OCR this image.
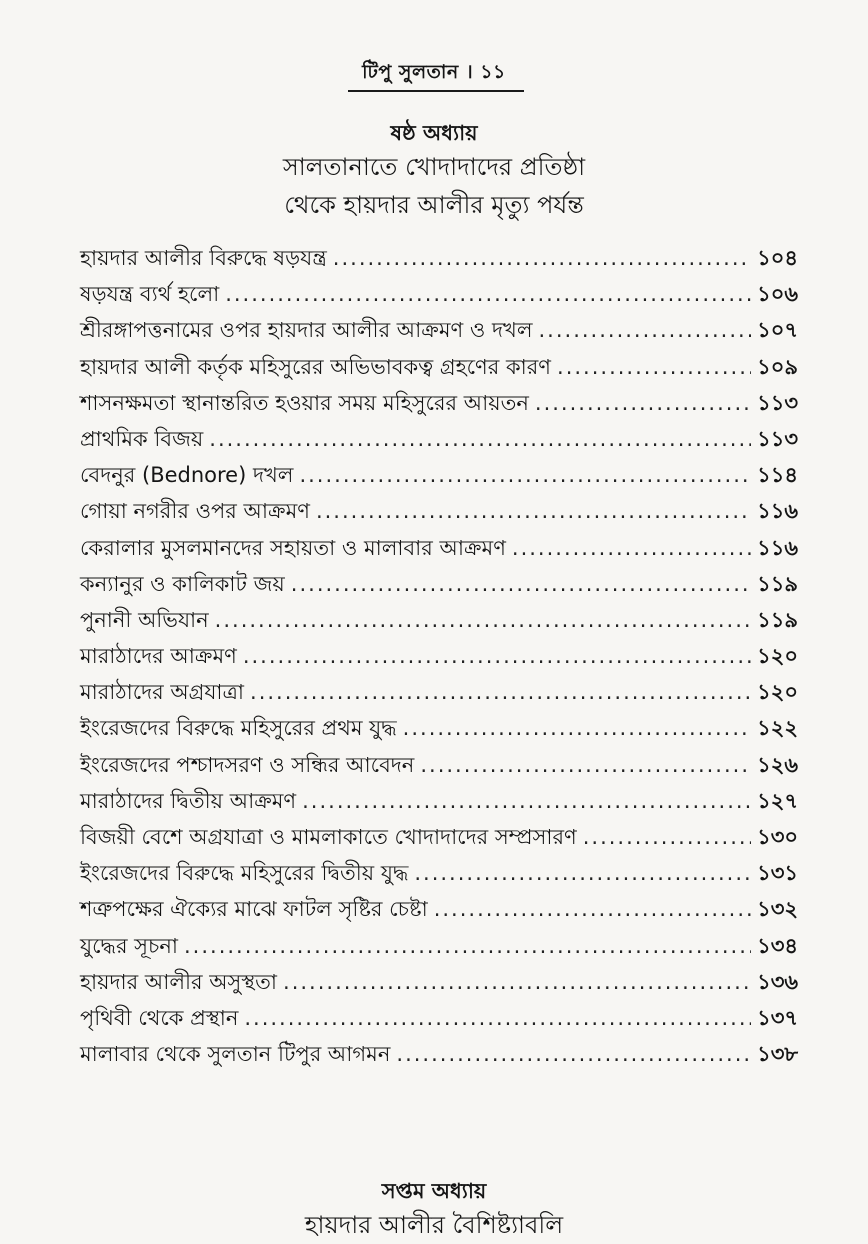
টিপু সুলতান । ১১
ষষ্ঠ অধ্যায়
সালতানাতে খোদাদাদের প্রতিষ্ঠা
থেকে হায়দার আলীর মৃত্যু পর্যন্ত
হায়দার আলীর বিরুদ্ধে ষড়যন্ত্র .....	১০৪
ষড়যন্ত্র ব্যর্থ হলো .....	১০৬
শ্রীরঙ্গাপত্তনামের ওপর হায়দার আলীর আক্রমণ ও দখল .....	১০৭
হায়দার আলী কর্তৃক মহিসুরের অভিভাবকত্ব গ্রহণের কারণ .....	১০৯
শাসনক্ষমতা স্থানান্তরিত হওয়ার সময় মহিসুরের আয়তন .....	১১৩
প্রাথমিক বিজয় .....	১১৩
বেদনুর (Bednore) দখল .....	১১৪
গোয়া নগরীর ওপর আক্রমণ .....	১১৬
কেরালার মুসলমানদের সহায়তা ও মালাবার আক্রমণ .....	১১৬
কন্যানুর ও কালিকাট জয় .....	১১৯
পুনানী অভিযান .....	১১৯
মারাঠাদের আক্রমণ .....	১২০
মারাঠাদের অগ্রযাত্রা .....	১২০
ইংরেজদের বিরুদ্ধে মহিসুরের প্রথম যুদ্ধ .....	১২২
ইংরেজদের পশ্চাদসরণ ও সন্ধির আবেদন .....	১২৬
মারাঠাদের দ্বিতীয় আক্রমণ .....	১২৭
বিজয়ী বেশে অগ্রযাত্রা ও মামলাকাতে খোদাদাদের সম্প্রসারণ .....	১৩০
ইংরেজদের বিরুদ্ধে মহিসুরের দ্বিতীয় যুদ্ধ .....	১৩১
শত্রুপক্ষের ঐক্যের মাঝে ফাটল সৃষ্টির চেষ্টা .....	১৩২
যুদ্ধের সূচনা .....	১৩৪
হায়দার আলীর অসুস্থতা .....	১৩৬
পৃথিবী থেকে প্রস্থান .....	১৩৭
মালাবার থেকে সুলতান টিপুর আগমন .....	১৩৮
সপ্তম অধ্যায়
হায়দার আলীর বৈশিষ্ট্যাবলি
